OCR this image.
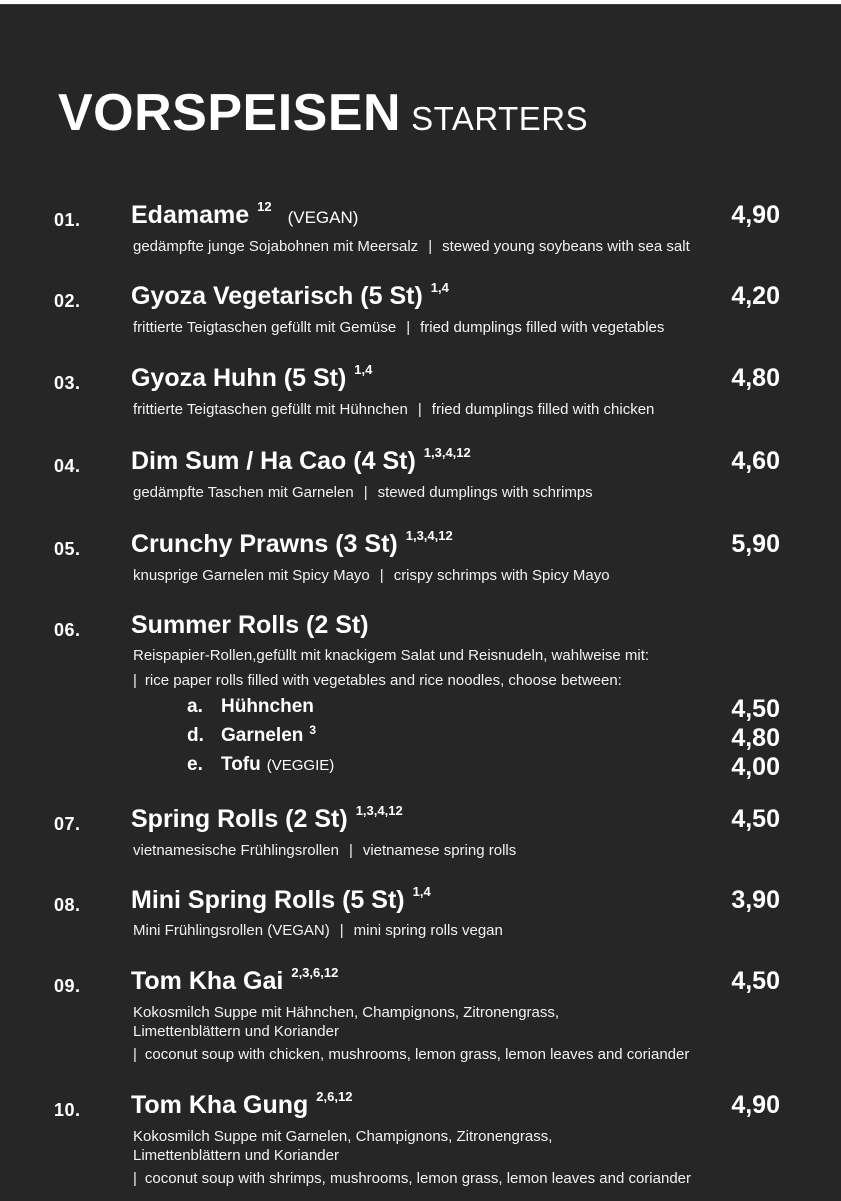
VORSPEISEN STARTERS
01. Edamame $^{12}$(VEGAN)	4,90
gedämpfte junge Sojabohnen mit Meersalz | stewed young soybeans with sea salt
02. Gyoza Vegetarisch (5 St) $^{1,4}$	4,20
frittierte Teigtaschen gefüllt mit Gemüse | fried dumplings filled with vegetables
03. Gyoza Huhn (5 St) $^{1,4}$	4,80
frittierte Teigtaschen gefüllt mit Hühnchen | fried dumplings filled with chicken
04. Dim Sum / Ha Cao (4 St) $^{1,3,4,12}$	4,60
gedämpfte Taschen mit Garnelen | stewed dumplings with schrimps
05. Crunchy Prawns (3 St) $^{1,3,4,12}$	5,90
knusprige Garnelen mit Spicy Mayo | crispy schrimps with Spicy Mayo
06. Summer Rolls (2 St)
Reispapier-Rollen,gefüllt mit knackigem Salat und Reisnudeln, wahlweise mit:
| rice paper rolls filled with vegetables and rice noodles, choose between:
a. Hühnchen	4,50
d. Garnelen $^3$	4,80
e. Tofu (VEGGIE)	4,00
07. Spring Rolls (2 St) $^{1,3,4,12}$	4,50
vietnamesische Frühlingsrollen | vietnamese spring rolls
08. Mini Spring Rolls (5 St) $^{1,4}$	3,90
Mini Frühlingsrollen (VEGAN) | mini spring rolls vegan
09. Tom Kha Gai $^{2,3,6,12}$	4,50
Kokosmilch Suppe mit Hähnchen, Champignons, Zitronengrass,
Limettenblättern und Koriander
| coconut soup with chicken, mushrooms, lemon grass, lemon leaves and coriander
10. Tom Kha Gung $^{2,6,12}$	4,90
Kokosmilch Suppe mit Garnelen, Champignons, Zitronengrass,
Limettenblättern und Koriander
| coconut soup with shrimps, mushrooms, lemon grass, lemon leaves and coriander
